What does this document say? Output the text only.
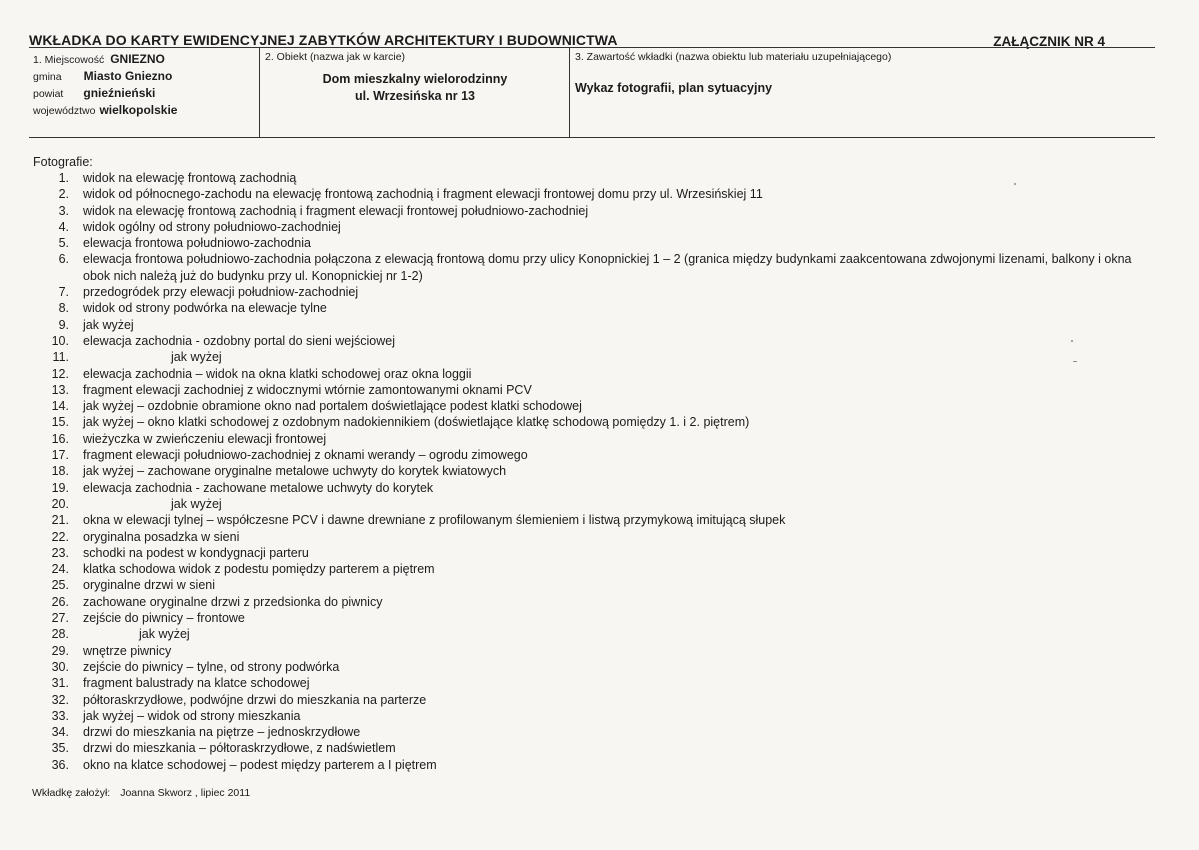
WKŁADKA DO KARTY EWIDENCYJNEJ ZABYTKÓW ARCHITEKTURY I BUDOWNICTWA	ZAŁĄCZNIK NR 4
1. Miejscowość GNIEZNO
gmina Miasto Gniezno
powiat gnieźnieński
województwo wielkopolskie
2. Obiekt (nazwa jak w karcie)
Dom mieszkalny wielorodzinny
ul. Wrzesińska nr 13
3. Zawartość wkładki (nazwa obiektu lub materiału uzupełniającego)
Wykaz fotografii, plan sytuacyjny
Fotografie:
1. widok na elewację frontową zachodnią
2. widok od północnego-zachodu na elewację frontową zachodnią i fragment elewacji frontowej domu przy ul. Wrzesińskiej 11
3. widok na elewację frontową zachodnią i fragment elewacji frontowej południowo-zachodniej
4. widok ogólny od strony południowo-zachodniej
5. elewacja frontowa południowo-zachodnia
6. elewacja frontowa południowo-zachodnia połączona z elewacją frontową domu przy ulicy Konopnickiej 1 – 2 (granica między budynkami zaakcentowana zdwojonymi lizenami, balkony i okna obok nich należą już do budynku przy ul. Konopnickiej nr 1-2)
7. przedogródek przy elewacji południow-zachodniej
8. widok od strony podwórka na elewacje tylne
9. jak wyżej
10. elewacja zachodnia - ozdobny portal do sieni wejściowej
11.	jak wyżej
12. elewacja zachodnia – widok na okna klatki schodowej oraz okna loggii
13. fragment elewacji zachodniej z widocznymi wtórnie zamontowanymi oknami PCV
14. jak wyżej – ozdobnie obramione okno nad portalem doświetlające podest klatki schodowej
15. jak wyżej – okno klatki schodowej z ozdobnym nadokiennikiem (doświetlające klatkę schodową pomiędzy 1. i 2. piętrem)
16. wieżyczka w zwieńczeniu elewacji frontowej
17. fragment elewacji południowo-zachodniej z oknami werandy – ogrodu zimowego
18. jak wyżej – zachowane oryginalne metalowe uchwyty do korytek kwiatowych
19. elewacja zachodnia - zachowane metalowe uchwyty do korytek
20.	jak wyżej
21. okna w elewacji tylnej – współczesne PCV i dawne drewniane z profilowanym ślemieniem i listwą przymykową imitującą słupek
22. oryginalna posadzka w sieni
23. schodki na podest w kondygnacji parteru
24. klatka schodowa widok z podestu pomiędzy parterem a piętrem
25. oryginalne drzwi w sieni
26. zachowane oryginalne drzwi z przedsionka do piwnicy
27. zejście do piwnicy – frontowe
28.	jak wyżej
29. wnętrze piwnicy
30. zejście do piwnicy – tylne, od strony podwórka
31. fragment balustrady na klatce schodowej
32. półtoraskrzydłowe, podwójne drzwi do mieszkania na parterze
33. jak wyżej – widok od strony mieszkania
34. drzwi do mieszkania na piętrze – jednoskrzydłowe
35. drzwi do mieszkania – półtoraskrzydłowe, z nadświetlem
36. okno na klatce schodowej – podest między parterem a I piętrem
Wkładkę założył: Joanna Skworz , lipiec 2011
